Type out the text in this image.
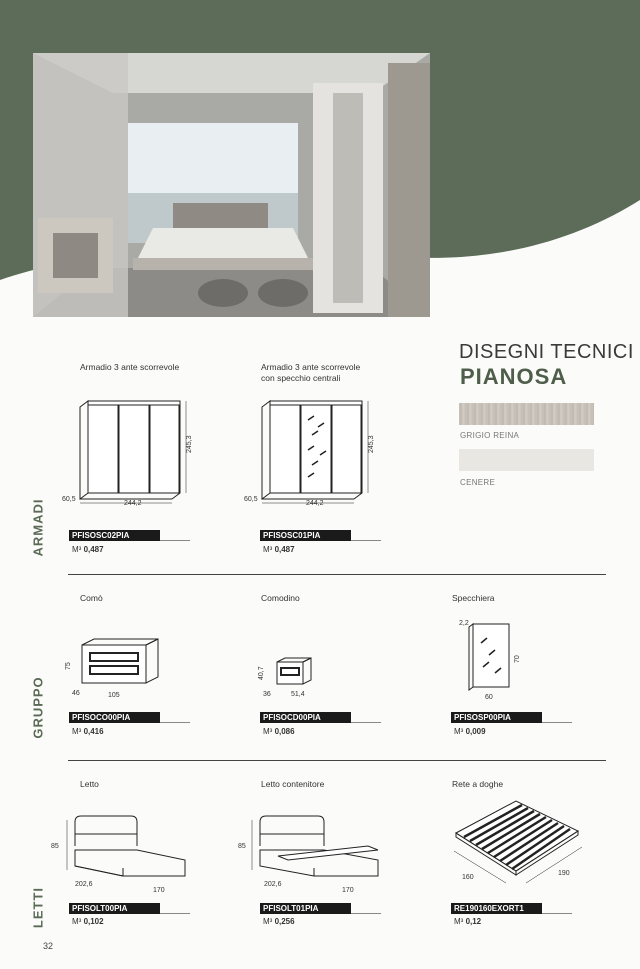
DISEGNI TECNICI
PIANOSA
GRIGIO REINA
CENERE
ARMADI
GRUPPO
LETTI
Armadio 3 ante scorrevole	Armadio 3 ante scorrevole
con specchio centrali
245,3
60,5
244,2
245,3
60,5
244,2
PFISOSC02PIA
M³ 0,487
PFISOSC01PIA
M³ 0,487
Comò	Comodino	Specchiera
75
46	105
40,7
36	51,4
2,2
70
60
PFISOCO00PIA
M³ 0,416
PFISOCD00PIA
M³ 0,086
PFISOSP00PIA
M³ 0,009
Letto	Letto contenitore	Rete a doghe
85
202,6
170
85
202,6
170
160
190
PFISOLT00PIA
M³ 0,102
PFISOLT01PIA
M³ 0,256
RE190160EXORT1
M³ 0,12
32
